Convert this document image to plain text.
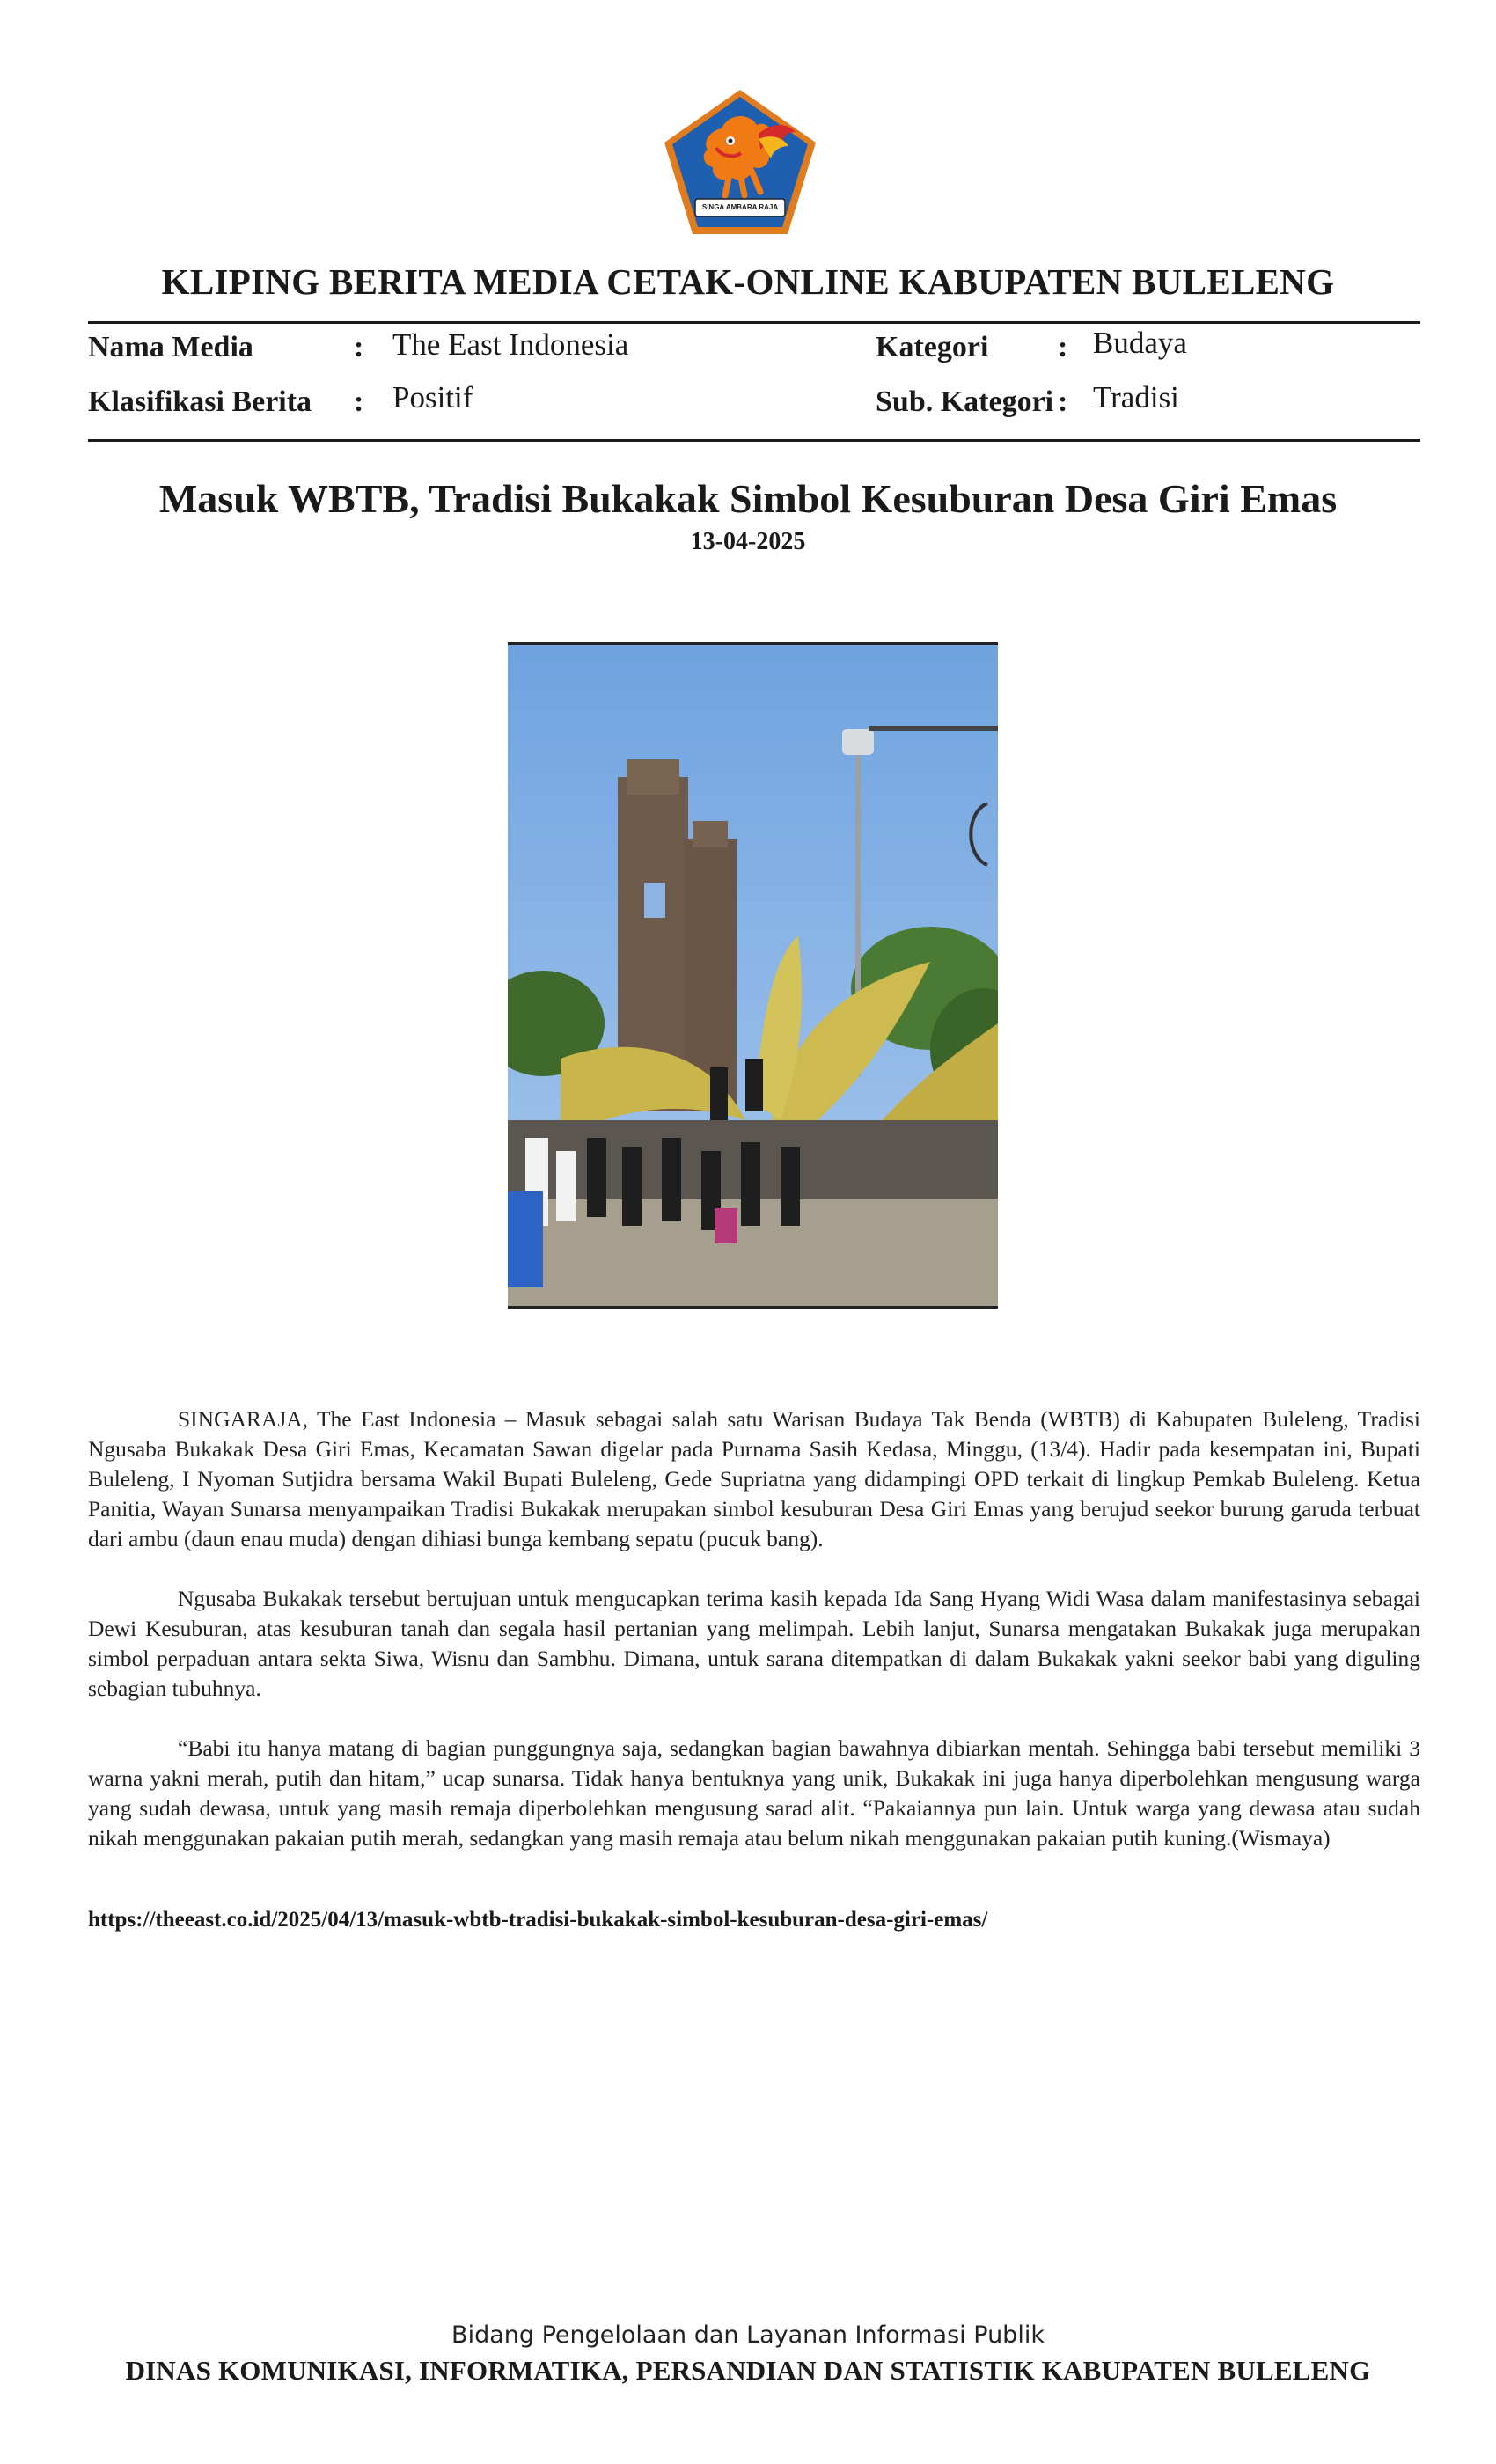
SINGA AMBARA RAJA
KLIPING BERITA MEDIA CETAK-ONLINE KABUPATEN BULELENG
Nama Media	: The East Indonesia
Klasifikasi Berita : Positif
Kategori : Budaya
Sub. Kategori : Tradisi
Masuk WBTB, Tradisi Bukakak Simbol Kesuburan Desa Giri Emas
13-04-2025

SINGARAJA, The East Indonesia – Masuk sebagai salah satu Warisan Budaya Tak Benda (WBTB) di Kabupaten Buleleng, Tradisi Ngusaba Bukakak Desa Giri Emas, Kecamatan Sawan digelar pada Purnama Sasih Kedasa, Minggu, (13/4). Hadir pada kesempatan ini, Bupati Buleleng, I Nyoman Sutjidra bersama Wakil Bupati Buleleng, Gede Supriatna yang didampingi OPD terkait di lingkup Pemkab Buleleng. Ketua Panitia, Wayan Sunarsa menyampaikan Tradisi Bukakak merupakan simbol kesuburan Desa Giri Emas yang berujud seekor burung garuda terbuat dari ambu (daun enau muda) dengan dihiasi bunga kembang sepatu (pucuk bang).

Ngusaba Bukakak tersebut bertujuan untuk mengucapkan terima kasih kepada Ida Sang Hyang Widi Wasa dalam manifestasinya sebagai Dewi Kesuburan, atas kesuburan tanah dan segala hasil pertanian yang melimpah. Lebih lanjut, Sunarsa mengatakan Bukakak juga merupakan simbol perpaduan antara sekta Siwa, Wisnu dan Sambhu. Dimana, untuk sarana ditempatkan di dalam Bukakak yakni seekor babi yang diguling sebagian tubuhnya.

“Babi itu hanya matang di bagian punggungnya saja, sedangkan bagian bawahnya dibiarkan mentah. Sehingga babi tersebut memiliki 3 warna yakni merah, putih dan hitam,” ucap sunarsa. Tidak hanya bentuknya yang unik, Bukakak ini juga hanya diperbolehkan mengusung warga yang sudah dewasa, untuk yang masih remaja diperbolehkan mengusung sarad alit. “Pakaiannya pun lain. Untuk warga yang dewasa atau sudah nikah menggunakan pakaian putih merah, sedangkan yang masih remaja atau belum nikah menggunakan pakaian putih kuning.(Wismaya)

https://theeast.co.id/2025/04/13/masuk-wbtb-tradisi-bukakak-simbol-kesuburan-desa-giri-emas/
Bidang Pengelolaan dan Layanan Informasi Publik
DINAS KOMUNIKASI, INFORMATIKA, PERSANDIAN DAN STATISTIK KABUPATEN BULELENG
